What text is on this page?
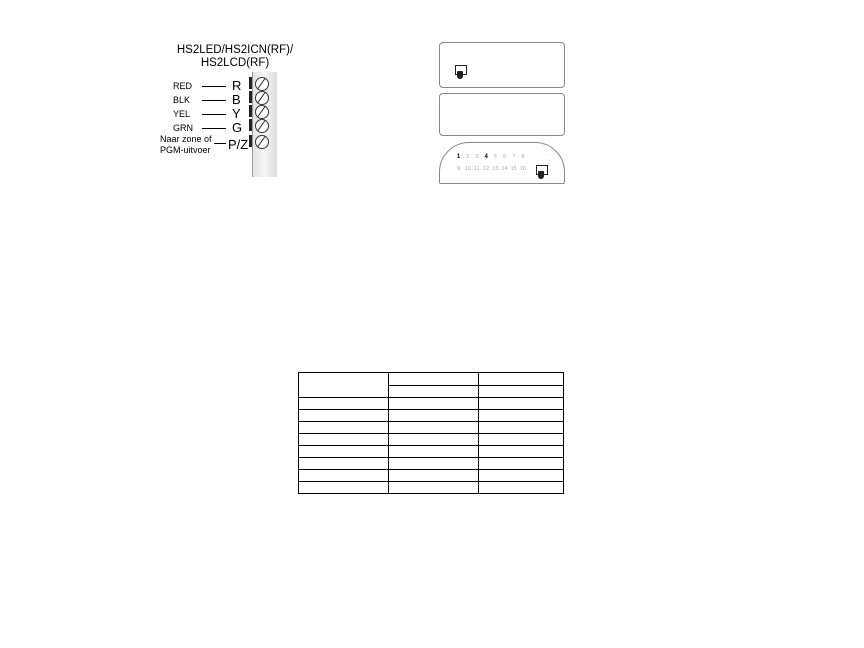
HS2LED/HS2ICN(RF)/
HS2LCD(RF)
RED	R
BLK	B
YEL	Y
GRN	G
Naar zone of
PGM-uitvoer P/Z
1	2	3 4	5	6	7	8
9 10 11 12 13 14 15 16
◦
◦
◦
◦
